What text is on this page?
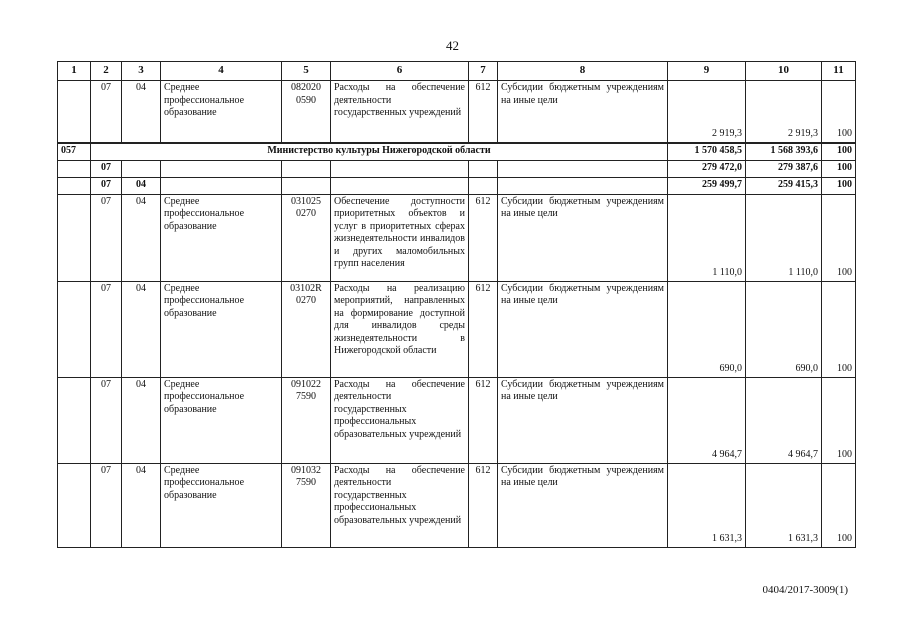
42
1	2	3	4	5	6	7	8	9	10	11
	07	04	Среднее профессиональное образование	082020 0590	Расходы на обеспечение деятельности государственных учреждений	612	Субсидии бюджетным учреждениям на иные цели	2 919,3	2 919,3	100
057	Министерство культуры Нижегородской области							1 570 458,5	1 568 393,6	100
	07							279 472,0	279 387,6	100
	07	04						259 499,7	259 415,3	100
	07	04	Среднее профессиональное образование	031025 0270	Обеспечение доступности приоритетных объектов и услуг в приоритетных сферах жизнедеятельности инвалидов и других маломобильных групп населения	612	Субсидии бюджетным учреждениям на иные цели	1 110,0	1 110,0	100
	07	04	Среднее профессиональное образование	03102R 0270	Расходы на реализацию мероприятий, направленных на формирование доступной для инвалидов среды жизнедеятельности в Нижегородской области	612	Субсидии бюджетным учреждениям на иные цели	690,0	690,0	100
	07	04	Среднее профессиональное образование	091022 7590	Расходы на обеспечение деятельности государственных профессиональных образовательных учреждений	612	Субсидии бюджетным учреждениям на иные цели	4 964,7	4 964,7	100
	07	04	Среднее профессиональное образование	091032 7590	Расходы на обеспечение деятельности государственных профессиональных образовательных учреждений	612	Субсидии бюджетным учреждениям на иные цели	1 631,3	1 631,3	100
0404/2017-3009(1)
